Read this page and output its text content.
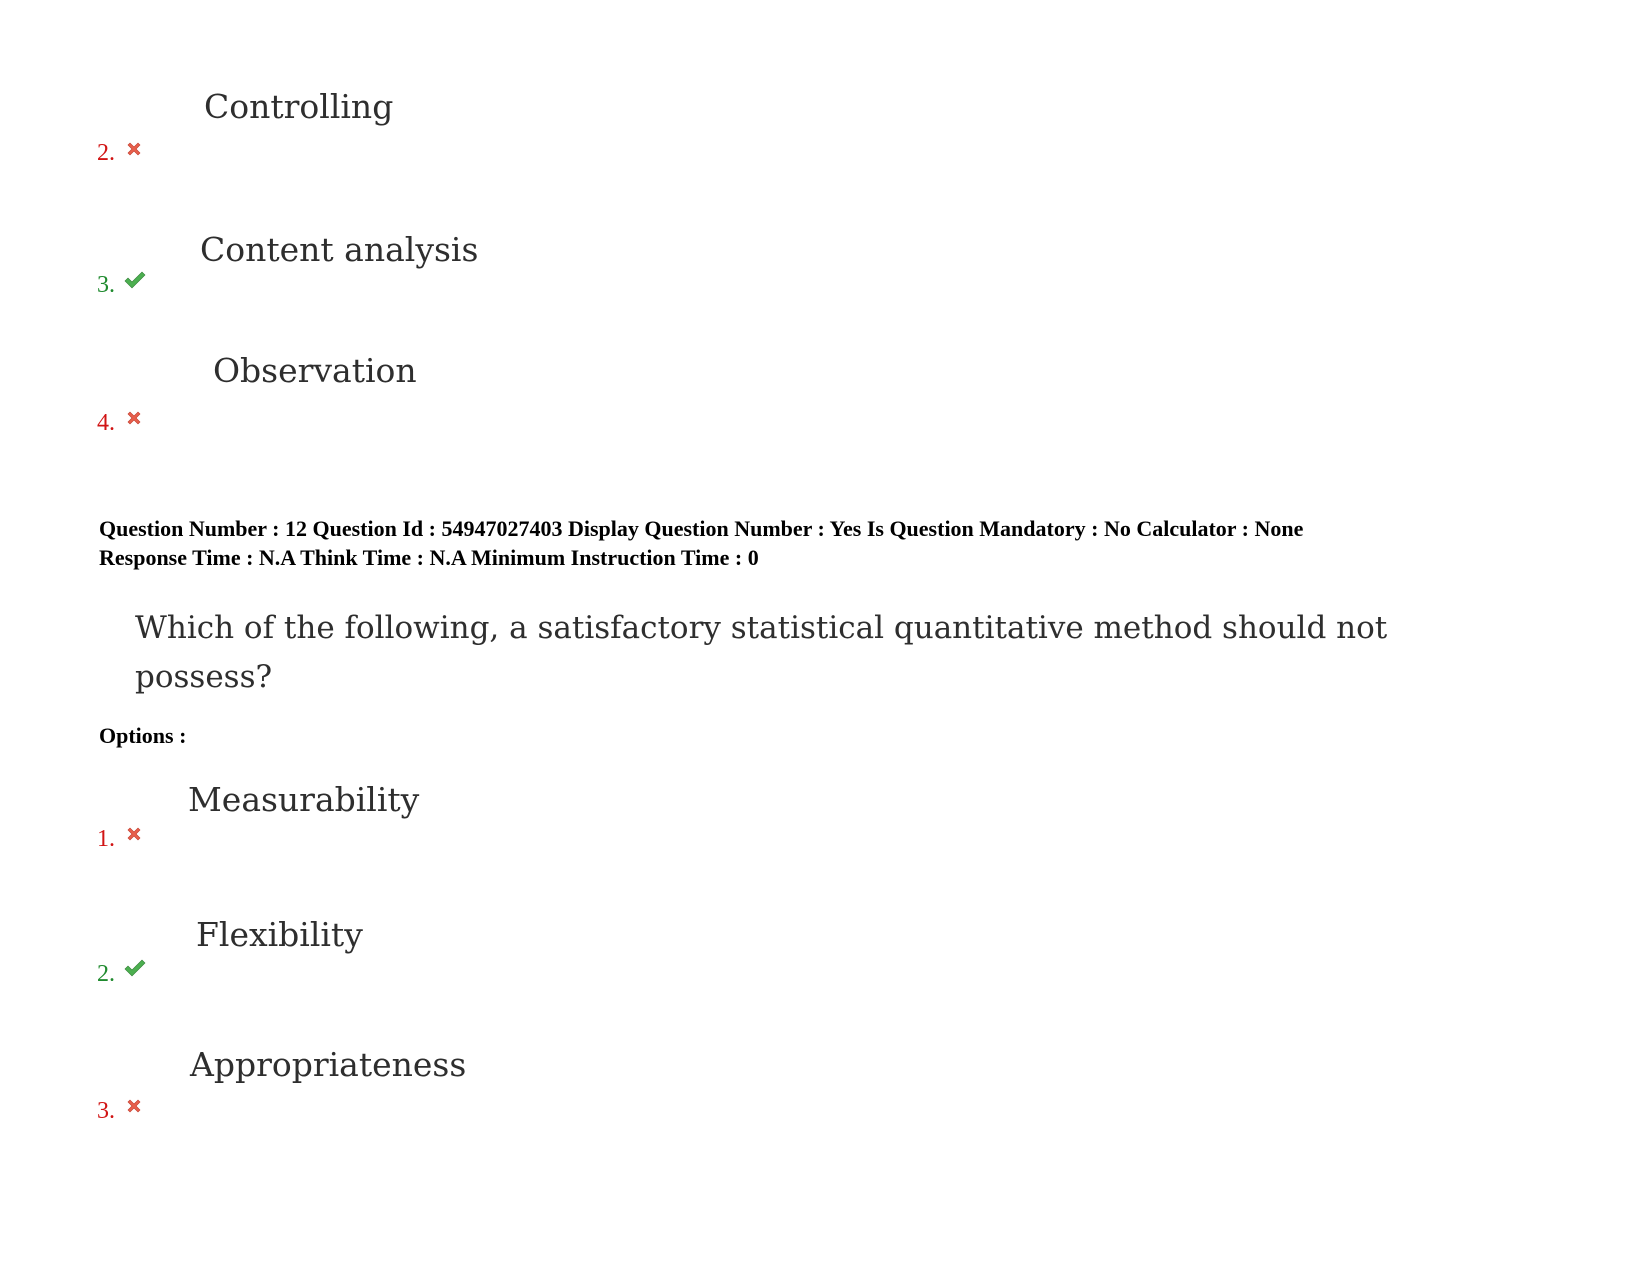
Controlling
2.
Content analysis
3.
Observation
4.
Question Number : 12 Question Id : 54947027403 Display Question Number : Yes Is Question Mandatory : No Calculator : None
Response Time : N.A Think Time : N.A Minimum Instruction Time : 0
Which of the following, a satisfactory statistical quantitative method should not
possess?
Options :
Measurability
1.
Flexibility
2.
Appropriateness
3.
